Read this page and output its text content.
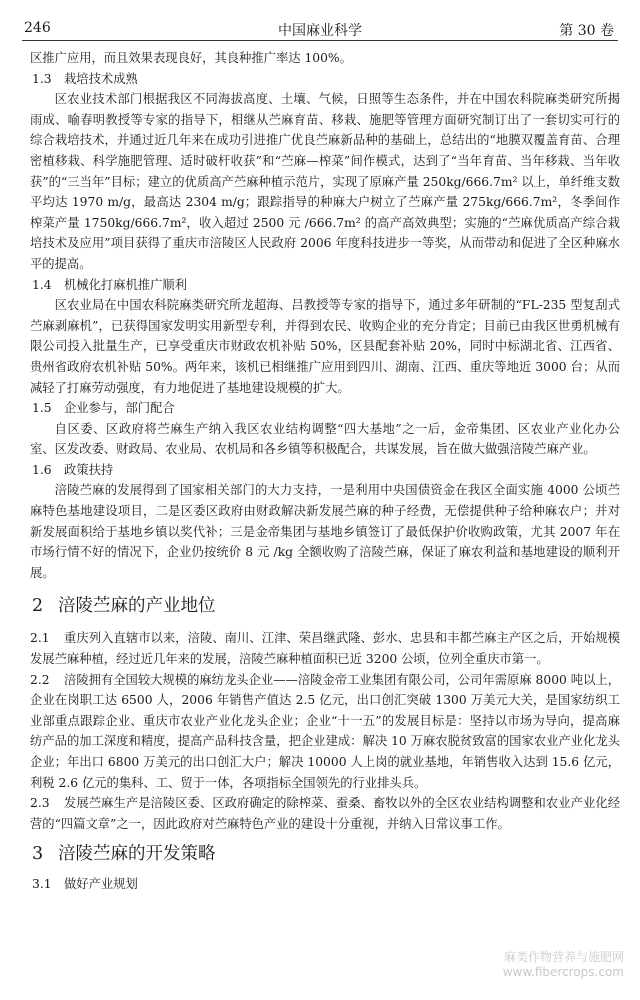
246	中国麻业科学	第 30 卷

区推广应用，而且效果表现良好，其良种推广率达 100%。

1.3 栽培技术成熟

区农业技术部门根据我区不同海拔高度、土壤、气候，日照等生态条件，并在中国农科院麻类研究所揭雨成、喻春明教授等专家的指导下，相继从苎麻育苗、移栽、施肥等管理方面研究制订出了一套切实可行的综合栽培技术，并通过近几年来在成功引进推广优良苎麻新品种的基础上，总结出的“地膜双覆盖育苗、合理密植移栽、科学施肥管理、适时破杆收获”和“苎麻—榨菜”间作模式，达到了“当年育苗、当年移栽、当年收获”的“三当年”目标；建立的优质高产苎麻种植示范片，实现了原麻产量 250kg/666.7m² 以上，单纤维支数平均达 1970 m/g，最高达 2304 m/g；跟踪指导的种麻大户树立了苎麻产量 275kg/666.7m²，冬季间作榨菜产量 1750kg/666.7m²，收入超过 2500 元 /666.7m² 的高产高效典型；实施的“苎麻优质高产综合栽培技术及应用”项目获得了重庆市涪陵区人民政府 2006 年度科技进步一等奖，从而带动和促进了全区种麻水平的提高。

1.4 机械化打麻机推广顺利

区农业局在中国农科院麻类研究所龙超海、吕教授等专家的指导下，通过多年研制的“FL-235 型复刮式苎麻剥麻机”，已获得国家发明实用新型专利，并得到农民、收购企业的充分肯定；目前已由我区世勇机械有限公司投入批量生产，已享受重庆市财政农机补贴 50%，区县配套补贴 20%，同时中标湖北省、江西省、贵州省政府农机补贴 50%。两年来，该机已相继推广应用到四川、湖南、江西、重庆等地近 3000 台；从而减轻了打麻劳动强度，有力地促进了基地建设规模的扩大。

1.5 企业参与，部门配合

自区委、区政府将苎麻生产纳入我区农业结构调整“四大基地”之一后，金帝集团、区农业产业化办公室、区发改委、财政局、农业局、农机局和各乡镇等积极配合，共谋发展，旨在做大做强涪陵苎麻产业。

1.6 政策扶持

涪陵苎麻的发展得到了国家相关部门的大力支持，一是利用中央国债资金在我区全面实施 4000 公顷苎麻特色基地建设项目，二是区委区政府由财政解决新发展苎麻的种子经费，无偿提供种子给种麻农户；并对新发展面积给于基地乡镇以奖代补；三是金帝集团与基地乡镇签订了最低保护价收购政策，尤其 2007 年在市场行情不好的情况下，企业仍按统价 8 元 /kg 全额收购了涪陵苎麻，保证了麻农利益和基地建设的顺利开展。

2 涪陵苎麻的产业地位

2.1 重庆列入直辖市以来，涪陵、南川、江津、荣昌继武隆、彭水、忠县和丰都苎麻主产区之后，开始规模发展苎麻种植，经过近几年来的发展，涪陵苎麻种植面积已近 3200 公顷，位列全重庆市第一。

2.2 涪陵拥有全国较大规模的麻纺龙头企业——涪陵金帝工业集团有限公司，公司年需原麻 8000 吨以上，企业在岗职工达 6500 人，2006 年销售产值达 2.5 亿元，出口创汇突破 1300 万美元大关，是国家纺织工业部重点跟踪企业、重庆市农业产业化龙头企业；企业“十一五”的发展目标是：坚持以市场为导向，提高麻纺产品的加工深度和精度，提高产品科技含量，把企业建成：解决 10 万麻农脱贫致富的国家农业产业化龙头企业；年出口 6800 万美元的出口创汇大户；解决 10000 人上岗的就业基地，年销售收入达到 15.6 亿元，利税 2.6 亿元的集科、工、贸于一体，各项指标全国领先的行业排头兵。

2.3 发展苎麻生产是涪陵区委、区政府确定的除榨菜、蚕桑、畜牧以外的全区农业结构调整和农业产业化经营的“四篇文章”之一，因此政府对苎麻特色产业的建设十分重视，并纳入日常议事工作。

3 涪陵苎麻的开发策略
3.1 做好产业规划
麻类作物营养与施肥网
www.fibercrops.com
